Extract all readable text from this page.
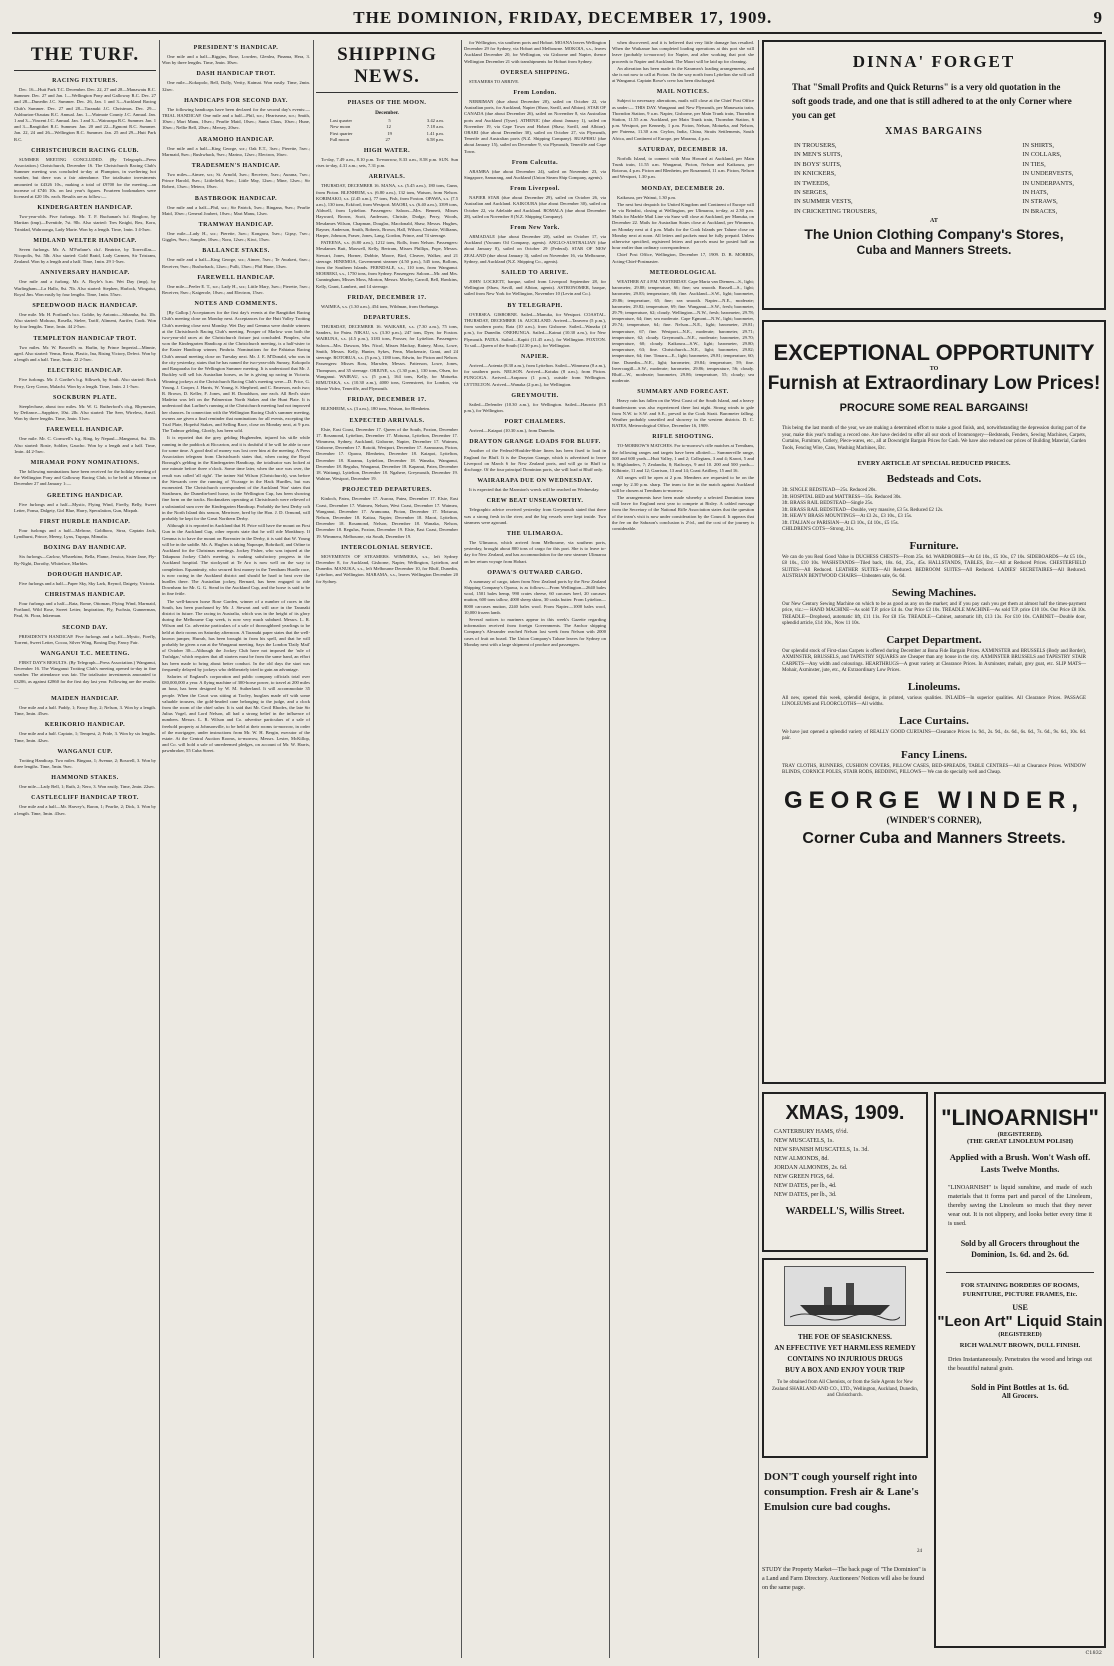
THE DOMINION, FRIDAY, DECEMBER 17, 1909.	9
THE TURF.
RACING FIXTURES.

Dec. 16—Hutt Park T.C. December. Dec. 22, 27 and 28—Manawatu R.C. Summer. Dec. 27 and Jan. 1—Wellington Pony and Galloway R.C. Dec. 27 and 28—Dunedin J.C. Summer. Dec. 26, Jan. 1 and 3—Auckland Racing Club's Summer. Dec. 27 and 28—Taranaki J.C. Christmas. Dec. 29—Ashburton-Otautau R.C. Annual. Jan. 1—Waimate County J.C. Annual. Jan. 1 and 3—Vincent J.C. Annual. Jan. 1 and 3—Wairarapa R.C. Summer. Jan. 1 and 3—Rangitikei R.C. Summer. Jan. 20 and 22—Egmont R.C. Summer. Jan. 22, 24 and 26—Wellington R.C. Summer. Jan. 25 and 29—Hutt Park R.C.

CHRISTCHURCH RACING CLUB.

SUMMER MEETING CONCLUDED. (By Telegraph—Press Association.) Christchurch, December 16. The Christchurch Racing Club's Summer meeting was concluded to-day at Plumpton, in sweltering hot weather, but there was a fair attendance. The totalisator investments amounted to £4326 10s., making a total of £9700 for the meeting—an increase of £746 10s. on last year's figures. Fourteen bookmakers were licensed at £20 10s. each. Results are as follow:—

KINDERGARTEN HANDICAP.

Two-year-olds. Five furlongs. Mr. T. F. Buchanan's b.f. Ringlow, by Martian (imp)—Eventide, 7st. 9lb. Also started: Tres Knight, Rex, Kora, Trinidad, Wahroonga, Lady Marie. Won by a length. Time, 1min. 3 4-5sec.

MIDLAND WELTER HANDICAP.

Seven furlongs. Mr. A. M'Farlane's ch.f. Beatrice, by Torrecillas—Nicopolis, 9st. 5lb. Also started: Gold Braid, Lady Carmen, Sir Tristram, Zealand. Won by a length and a half. Time, 1min. 29 1-5sec.

ANNIVERSARY HANDICAP.

One mile and a furlong. Mr. A. Boyle's b.m. Wet Day (imp), by Warlingham—La Hallo, 8st. 7lb. Also started: Stephen, Harlock, Wingatui, Royal Jim. Won easily by four lengths. Time, 1min. 55sec.

SPEEDWOOD HACK HANDICAP.

One mile. Mr. H. Portland's br.c. Goldie, by Antonio—Sibamba, 8st. 1lb. Also started: Mohoao, Rosella, Stelee, Tariff, Aliment, Aurifer, Cook. Won by four lengths. Time, 1min. 44 2-5sec.

TEMPLETON HANDICAP TROT.

Two miles. Mr. W. Boswell's m. Harlin, by Prince Imperial—Minnie, aged. Also started: Venus, Recta, Plastic, Ina, Rising Victory, Defect. Won by a length and a half. Time, 5min. 22 2-5sec.

ELECTRIC HANDICAP.

Five furlongs. Mr. J. Gorthe's b.g. Silkweb, by Soult. Also started: Rock Ferry, Grey Gown, Malachi. Won by a length. Time, 1min. 2 1-5sec.

SOCKBURN PLATE.

Steeplechase, about two miles. Mr. W. G. Rutherford's ch.g. Rhymester, by Defiance—Sapphire, 10st. 2lb. Also started: The Seer, Wireless, Anvil. Won by three lengths. Time, 3min. 51sec.

FAREWELL HANDICAP.

One mile. Mr. C. Cornwell's b.g. Ring, by Nepaul—Mangonui, 8st. 1lb. Also started: Rosie, Soldier, Gaucho. Won by a length and a half. Time, 1min. 44 2-5sec.

MIRAMAR PONY NOMINATIONS.

The following nominations have been received for the holiday meeting of the Wellington Pony and Galloway Racing Club, to be held at Miramar on December 27 and January 1:—

GREETING HANDICAP.

Five furlongs and a half—Mystic, Flying Wind, Firefly, Belly, Sweet Letter, Fonsa, Dalgety, Girl Blue, Harry, Speculation, Gun, Mizpah.

FIRST HURDLE HANDICAP.

Four furlongs and a half—Melrose, Goldboro, Sirra, Captain Jack, Lyndhurst, Prince, Meeny, Lynx, Tupapa, Mimalia.

BOXING DAY HANDICAP.

Six furlongs—Carlow, Wharekino, Bella, Flame, Jessica, Sister Jane, Fly-By-Night, Dorothy, Whiteface, Marbles.

DOROUGH HANDICAP.

Five furlongs and a half—Paper Sky, Sky Lark, Reynol, Daigety, Victoria.

CHRISTMAS HANDICAP.

Four furlongs and a half—Rata, Rome, Ottoman, Flying Wind, Marmaid, Portland, Wild Rose, Sweet Letter, Inspiration, Fly, Fuchsia, Gunnerman, Paul, St. Flora, Inkerman.

SECOND DAY.

PRESIDENT'S HANDICAP. Five furlongs and a half—Mystic, Firefly, Torrent, Sweet Letter, Cocoa, Silver Wing, Boxing Day, Fancy Fair.

WANGANUI T.C. MEETING.

FIRST DAY'S RESULTS. (By Telegraph—Press Association.) Wanganui, December 16. The Wanganui Trotting Club's meeting opened to-day in fine weather. The attendance was fair. The totalisator investments amounted to £3206, as against £2860 for the first day last year. Following are the results:—

MAIDEN HANDICAP.

One mile and a half. Paddy, 1; Fancy Boy, 2; Nelson, 3. Won by a length. Time, 3min. 45sec.

KERIKORIO HANDICAP.

One mile and a half. Captain, 1; Tempest, 2; Pride, 3. Won by six lengths. Time, 3min. 42sec.

WANGANUI CUP.

Trotting Handicap. Two miles. Bingara, 1; Avenue, 2; Boswell, 3. Won by three lengths. Time, 5min. 9sec.

HAMMOND STAKES.

One mile—Lady Bell, 1; Ruth, 2; Nero, 3. Won easily. Time, 2min. 22sec.

CASTLECLIFF HANDICAP TROT.

One mile and a half—Mr. Harvey's, Baron, 1; Pearlie, 2; Dick, 3. Won by a length. Time, 3min. 43sec.

PRESIDENT'S HANDICAP.

One mile and a half—Riggins, Rose, Lowden, Glenlea, Pinama, Hera, 3. Won by three lengths. Time, 3min. 30sec.

DASH HANDICAP TROT.

One mile—Kokopolo, Bell, Dolly, Verity, Kaimai. Won easily. Time, 2min. 32sec.

HANDICAPS FOR SECOND DAY.

The following handicaps have been declared for the second day's events:— TRIAL HANDICAP. One mile and a half—Phil, scr.; Heartsease, scr.; Smith, 10sec.; Mari Manu, 10sec.; Pearlie Maid, 10sec.; Santa Claus, 10sec.; Hune, 10sec.; Nellie Bell, 20sec.; Mersey, 20sec.

ARAMOHO HANDICAP.

One mile and a half—King George, scr.; Oak E.T., 3sec.; Pierette, 5sec.; Marmaid, 8sec.; Bushwhack, 9sec.; Marino, 12sec.; Electron, 16sec.

TRADESMEN'S HANDICAP.

Two miles—Aimee, scr.; St. Arnold, 3sec.; Receiver, 5sec.; Aurana, 7sec.; Prince Harold, 8sec.; Littlefield, 9sec.; Little May, 12sec.; Mine, 12sec.; Sir Robert, 13sec.; Meteor, 18sec.

BASTBROOK HANDICAP.

One mile and a half—Phil, scr.; Sir Patrick, 5sec.; Bingana, 9sec.; Pearlie Maid, 10sec.; General Joubert, 10sec.; Mari Manu, 12sec.

TRAMWAY HANDICAP.

One mile—Lady H., scr.; Pierette, 3sec.; Kongava, 5sec.; Gipsy, 7sec.; Giggles, 9sec.; Sampler, 10sec.; Nora, 12sec.; Kiwi, 15sec.

BALLANCE STAKES.

One mile and a half—King George, scr.; Aimee, 5sec.; Te Awakeri, 6sec.; Receiver, 9sec.; Bushwhack, 12sec.; Pulli, 13sec.; Phil Hune, 13sec.

FAREWELL HANDICAP.

One mile—Peeler E. T., scr.; Lady H., scr.; Little Mary, 3sec.; Pierette, 5sec.; Receiver, 8sec.; Kaigerole, 10sec.; and Electron, 15sec.

NOTES AND COMMENTS.

[By Gallop.] Acceptances for the first day's events at the Rangitikei Racing Club's meeting close on Monday next. Acceptances for the Hutt Valley Trotting Club's meeting close next Monday. Wet Day and Gemma were double winners at the Christchurch Racing Club's meeting. Prosper of Marlow won both the two-year-old races at the Christchurch fixture just concluded. Pimplex, who won the Kindergarten Handicap at the Christchurch meeting, is a half-sister to the Easter Handicap winner, Fimbria. Nominations for the Pahiatua Racing Club's annual meeting close on Tuesday next. Mr. J. E. M'Donald, who was in the city yesterday, states that he has named the two-year-olds Sunray, Kokopolo and Rauparaha for the Wellington Summer meeting. It is understood that Mr. J. Buckley will sell his Australian horses, as he is giving up racing in Victoria. Winning jockeys at the Christchurch Racing Club's meeting were—D. Price, G. Young, J. Cooper, J. Harris, W. Young, S. Shepherd, and C. Emerson, each two; R. Brown, D. Keller, F. Jones, and H. Donaldson, one each. All Red's sister Madeira was left on the Palmerston North Stakes and the Hunt Plate. It is understood that Lurline's running at the Christchurch meeting had not improved her chances. In connection with the Wellington Racing Club's summer meeting, owners are given a final reminder that nominations for all events, excepting the Trial Plate, Hopeful Stakes, and Selling Race, close on Monday next, at 9 p.m. The Tadmor gelding, Glorify, has been sold.

It is reported that the grey gelding Hughenden, injured his stifle while running in the paddock at Riccarton, and it is doubtful if he will be able to race for some time. A good deal of money was lost over him at the meeting. A Press Association telegram from Christchurch states that, when racing the Royal Borough's gelding in the Kindergarten Handicap, the totalisator was locked at one minute before three o'clock. Some time later, when the race was over, the result was called 'all right'. The trainer Sid Wilson (Christchurch), was before the Stewards over the running of Vicarage in the Hack Hurdles, but was exonerated. The Christchurch correspondent of the Auckland 'Star' states that Strathearn, the Dunedin-bred horse, in the Wellington Cup, has been showing fine form on the tracks. Bookmakers operating at Christchurch were relieved of a substantial sum over the Kindergarten Handicap. Probably the best Derby colt in the North Island this season, Merriwee, bred by the Hon. J. D. Ormond, will probably be kept for the Great Northern Derby.

Although it is reported in Auckland that H. Price will have the mount on First Gun in the Auckland Cup, other reports state that he will ride Monkbury. If Gemma is to have the mount on Boreaster in the Derby, it is said that W. Young will be in the saddle. Mr. A. Hughes is taking Napoupe, Bobrikoff, and Orline to Auckland for the Christmas meetings. Jockey Fisher, who was injured at the Takapuna Jockey Club's meeting, is making satisfactory progress in the Auckland hospital. The stockyard at Te Aro is now well on the way to completion. Equanimity, who secured first money in the Trentham Hurdle race, is now racing in the Auckland district and should be hard to beat over the hurdles there. The Australian jockey, Bernard, has been engaged to ride Downham for Mr. G. G. Stead in the Auckland Cup, and the horse is said to be in fine fettle.

The well-known horse Rose Garden, winner of a number of races in the South, has been purchased by Mr. J. Stewart and will race in the Taranaki district in future. The racing in Australia, which was in the height of its glory during the Melbourne Cup week, is now very much subdued. Messrs. L. R. Wilson and Co. advertise particulars of a sale of thoroughbred yearlings to be held at their rooms on Saturday afternoon. A Taranaki paper states that the well-known jumper, Hurrah, has been brought in from his spell, and that he will probably be given a run at the Wanganui meeting. Says the London 'Daily Mail' of October 30:—Although the Jockey Club have not imposed the 'rule of Trafalgar,' which requires that all starters must be from the same hand, an effort has been made to bring about better conduct. In the old days the start was frequently delayed by jockeys who deliberately tried to gain an advantage.

Salaries of England's corporation and public company officials total over £80,000,000 a year. A flying machine of 300-horse power, to travel at 200 miles an hour, has been designed by W. M. Sutherland. It will accommodate 35 people. When the Court was sitting at Tooley, burglars made off with some valuable trousers, the gold-headed cane belonging to the judge, and a clock from the room of the chief usher. It is said that Mr. Cecil Rhodes, the late Sir Julius Vogel, and Lord Nelson, all had a strong belief in the influence of numbers. Messrs. L. R. Wilson and Co. advertise particulars of a sale of freehold property at Johnsonville, to be held at their rooms to-morrow, in order of the mortgagee, under instructions from Mr. W. H. Bergin, executor of the estate. At the Central Auction Rooms, to-morrow, Messrs. Lester, McKillop, and Co. will hold a sale of unredeemed pledges, on account of Mr. W. Harris, pawnbroker, 55 Cuba Street.

SHIPPING NEWS.
PHASES OF THE MOON.
December.
Last quarter	5	3.42 a.m.
New moon	12	7.18 a.m.
First quarter	19	1.41 p.m.
Full moon	27	6.58 p.m.
HIGH WATER.

To-day, 7.49 a.m., 8.10 p.m. To-morrow, 8.33 a.m., 8.58 p.m. SUN. Sun rises to-day, 4.31 a.m.; sets, 7.31 p.m.

ARRIVALS.

THURSDAY, DECEMBER 16. MANA, s.s. (5.45 a.m.), 180 tons, Gunn, from Picton. BLENHEIM, s.s. (6.80 a.m.), 132 tons, Watson, from Nelson. KORIMAKO, s.s. (2.45 a.m.), 77 tons, Fish, from Foxton. OPAWA, s.s. (7.5 a.m.), 130 tons, Eckford, from Westport. MAORI, s.s. (6.40 a.m.), 3399 tons, Aldwell, from Lyttelton. Passengers: Saloon—Mrs. Bennett, Misses Hayward, Brown, Scott, Anderson, Christie, Dodge, Perry, Woods, Mesdames Wilson, Chapman, Douglas, Macdonald, Shaw, Messrs. Hughes, Rayner, Anderson, Smith, Roberts, Brown, Hall, Wilson, Christie, Williams, Harper, Johnson, Fraser, Jones, Lang, Gordon, Prince, and 74 steerage.

PATEENA, s.s. (6.80 a.m.), 1212 tons, Rolls, from Nelson. Passengers: Mesdames Butt, Maxwell, Kelly, Bertram, Misses Phillips, Pope, Messrs. Stewart, Jones, Horner, Dobbie, Moore, Bird, Cleaver, Walker, and 21 steerage. HINEMOA, Government steamer (4.50 p.m.), 545 tons, Bollons, from the Southern Islands. FERNDALE, s.s., 110 tons, from Wanganui. MOEREKI, s.s., 1750 tons, from Sydney. Passengers: Saloon—Mr. and Mrs. Cunningham, Misses Moss, Morton, Messrs. Morley, Carroll, Bell, Hawkins, Kelly, Grant, Lambert, and 14 steerage.

FRIDAY, DECEMBER 17.

WAIMEA, s.s. (1.30 a.m.), 454 tons, Wildman, from Onehunga.

DEPARTURES.

THURSDAY, DECEMBER 16. WAIKARE, s.s. (7.30 a.m.), 75 tons, Sanders, for Patea. NIKAU, s.s. (3.30 p.m.), 247 tons, Dyer, for Foxton. WAIRUNA, s.s. (4.5 p.m.), 3183 tons, Prosser, for Lyttelton. Passengers: Saloon—Mrs. Dawson, Mrs. Nicol, Misses Mackay, Rainey, Moss, Lowe, Smith, Messrs. Kelly, Hunter, Sykes, Fenn, Mackenzie, Grant, and 24 steerage. ROTORUA, s.s. (5 p.m.), 1180 tons, Edwin, for Picton and Nelson. Passengers: Misses Ross, Marsden, Messrs. Patterson, Lowe, Jones, Thompson, and 35 steerage. ORIUNE, s.s. (1.30 p.m.), 130 tons, Olsen, for Wanganui. WAIRAU, s.s. (5 p.m.), 164 tons, Kelly, for Motueka. RIMUTAKA, s.s. (10.30 a.m.), 4000 tons, Greenstreet, for London, via Monte Video, Teneriffe, and Plymouth.

FRIDAY, DECEMBER 17.

BLENHEIM, s.s. (3 a.m.), 180 tons, Watson, for Blenheim.

EXPECTED ARRIVALS.

Elsie, East Coast, December 17. Queen of the South, Foxton, December 17. Rosamond, Lyttelton, December 17. Moturua, Lyttelton, December 17. Wimmera, Sydney, Auckland, Gisborne, Napier, December 17. Waimea, Gisborne, December 17. Rotoiti, Westport, December 17. Aramoana, Picton, December 17. Opawa, Blenheim, December 18. Kaiapoi, Lyttelton, December 18. Karamu, Lyttelton, December 18. Wanaka, Wanganui, December 18. Regulus, Wanganui, December 18. Kapanui, Patea, December 18. Waitangi, Lyttelton, December 18. Ngahere, Greymouth, December 19. Wahine, Westport, December 19.

PROJECTED DEPARTURES.

Kinloch, Patea, December 17. Aurora, Patea, December 17. Elsie, East Coast, December 17. Waimea, Nelson, West Coast, December 17. Waimea, Wanganui, December 17. Aramoana, Picton, December 17. Moturua, Nelson, December 18. Kaitoa, Napier, December 18. Maori, Lyttelton, December 18. Rosamond, Nelson, December 18. Wanaka, Nelson, December 18. Regulus, Foxton, December 19. Elsie, East Coast, December 19. Wimmera, Melbourne, via South, December 19.

INTERCOLONIAL SERVICE.

MOVEMENTS OF STEAMERS. WIMMERA, s.s., left Sydney December 8, for Auckland, Gisborne, Napier, Wellington, Lyttelton, and Dunedin. MANUKA, s.s., left Melbourne December 10, for Bluff, Dunedin, Lyttelton, and Wellington. MARAMA, s.s., leaves Wellington December 20 for Sydney.

for Wellington, via southern ports and Hobart. MOANA leaves Wellington December 29 for Sydney, via Hobart and Melbourne. MOKOIA, s.s., leaves Auckland December 20, for Wellington, via Gisborne and Napier, thence Wellington December 21 with transhipments for Hobart from Sydney.

OVERSEA SHIPPING.

STEAMERS TO ARRIVE.

From London.

NERRIMAN (due about December 20), sailed on October 22, via Australian ports, for Auckland, Napier (Shaw, Savill, and Albion). STAR OF CANADA (due about December 26), sailed on November 8, via Australian ports and Auckland (Tyser). ATHENIC (due about January 1), sailed on November 19, via Cape Town and Hobart (Shaw, Savill, and Albion). ORARI (due about December 30), sailed on October 27, via Plymouth, Tenerife and Australian ports (N.Z. Shipping Company). RUAPEHU (due about January 15), sailed on December 9, via Plymouth, Teneriffe and Cape Town.

From Calcutta.

ARAMBA (due about December 24), sailed on November 23, via Singapore, Samarang, and Auckland (Union Steam Ship Company, agents).

From Liverpool.

NAPIER STAR (due about December 29), sailed on October 26, via Australian and Auckland. KAIKOURA (due about December 30), sailed on October 22, via Adelaide and Auckland. ROMALA (due about December 28), sailed on November 8 (N.Z. Shipping Company).

From New York.

ARMADALE (due about December 20), sailed on October 17, via Auckland (Vacuum Oil Company, agents). ANGLO-AUSTRALIAN (due about January 8), sailed on October 29 (Federal). STAR OF NEW ZEALAND (due about January 3), sailed on November 16, via Melbourne, Sydney, and Auckland (N.Z. Shipping Co., agents).

SAILED TO ARRIVE.

JOHN LOCKETT, barque, sailed from Liverpool September 28, for Wellington (Shaw, Savill, and Albion, agents). ASTRONOMER, barque, sailed from New York for Wellington, November 10 (Levin and Co.).

BY TELEGRAPH.

OVERSEA. GISBORNE. Sailed—Manuka, for Westport. COASTAL. THURSDAY, DECEMBER 16. AUCKLAND. Arrived—Taravera (5 p.m.), from southern ports; Rata (10 a.m.), from Gisborne. Sailed—Wanaka (4 p.m.), for Dunedin. ONEHUNGA. Sailed—Kainui (10.30 a.m.), for New Plymouth. PATEA. Sailed—Kapiti (11.45 a.m.), for Wellington. FOXTON. To sail—Queen of the South (12.30 p.m.), for Wellington.

NAPIER.

Arrived—Aotenia (8.30 a.m.), from Lyttelton. Sailed—Wimmera (8 a.m.), for southern ports. NELSON. Arrived—Kotuku (8 a.m.), from Picton. PUNGOGA. Arrived—Arapawa (1 p.m.), outside from Wellington. LYTTELTON. Arrived—Wanaka (2 p.m.), for Wellington.

GREYMOUTH.

Sailed—Defender (10.30 a.m.), for Wellington. Sailed—Hauroto (8.5 p.m.), for Wellington.

PORT CHALMERS.

Arrived—Kaiapoi (10.30 a.m.), from Dunedin.

DRAYTON GRANGE LOADS FOR BLUFF.

Another of the Federal-Houlder-Shire liners has been fixed to load in England for Bluff. It is the Drayton Grange, which is advertised to leave Liverpool on March 6 for New Zealand ports, and will go to Bluff to discharge. Of the four principal Dominion ports, she will load at Bluff only.

WAIRARAPA DUE ON WEDNESDAY.

It is expected that the Marmion's wreck will be reached on Wednesday.

CREW BEAT UNSEAWORTHY.

Telegraphic advice received yesterday from Greymouth stated that there was a strong fresh in the river, and the big vessels were kept inside. Two steamers were aground.

THE ULIMAROA.

The Ulimaroa, which arrived from Melbourne, via southern ports, yesterday, brought about 800 tons of cargo for this port. She is to leave to-day for New Zealand, and has accommodation for the new steamer Ulimaroa on her return voyage from Hobart.

OPAWA'S OUTWARD CARGO.

A summary of cargo, taken from New Zealand ports by the New Zealand Shipping Company's Opawa, is as follows:—From Wellington—2640 bales wool, 1501 bales hemp, 990 crates cheese, 60 carcases beef, 20 carcases mutton, 600 tons tallow, 4000 sheep skins, 30 casks butter. From Lyttelton—8000 carcases mutton, 2240 bales wool. From Napier—1000 bales wool, 10,000 frozen lamb.

Several notices to mariners appear in this week's Gazette regarding information received from foreign Governments. The Anchor shipping Company's Alexander reached Nelson last week from Nelson with 2000 cases of fruit on board. The Union Company's Talune leaves for Sydney on Monday next with a large shipment of produce and passengers.

when discovered, and it is believed that very little damage has resulted. When the Waikanae has completed loading operations at this port she will leave (probably to-morrow) for Napier, and after working that port she proceeds to Napier and Auckland. The Maori will be laid up for cleaning.

An alteration has been made in the Karamea's loading arrangements, and she is not now to call at Picton. On the way north from Lyttelton she will call at Wanganui. Captain Rowe's crew has been discharged.

MAIL NOTICES.

Subject to necessary alterations, mails will close at the Chief Post Office as under:— THIS DAY. Wanganui and New Plymouth, per Manawatu train, Thorndon Station, 9 a.m. Napier, Gisborne, per Main Trunk train, Thorndon Station, 11.55 a.m. Auckland, per Main Trunk train, Thorndon Station, 6 p.m. Westport, per Kennedy, 1 p.m. Picton, Nelson, Motueka, and Nelson, per Pateena, 11.30 a.m. Ceylon, India, China, Straits Settlements, South Africa, and Continent of Europe, per Marama, 4 p.m.

SATURDAY, DECEMBER 18.

Norfolk Island, to connect with Moa Howard at Auckland, per Main Trunk train, 11.55 a.m. Wanganui, Picton, Nelson and Kaikoura, per Rotorua, 4 p.m. Picton and Blenheim, per Rosamond, 11 a.m. Picton, Nelson and Westport, 1.30 p.m.

MONDAY, DECEMBER 20.

Kaikoura, per Wainui, 1.30 p.m.

The next best despatch for United Kingdom and Continent of Europe will be via Brindisi, closing at Wellington, per Ulimaroa, to-day, at 2.30 p.m. Mails for Marble Mail Line via Suez will close at Auckland, per Manuka, on December 22. Mails for Australian States close at Auckland, per Wimmera, on Monday next at 4 p.m. Mails for the Cook Islands per Talune close on Monday next at noon. All letters and packets must be fully prepaid. Unless otherwise specified, registered letters and parcels must be posted half an hour earlier than ordinary correspondence.

Chief Post Office, Wellington, December 17, 1909. D. B. MORRIS, Acting-Chief-Postmaster.

METEOROLOGICAL

WEATHER AT 4 P.M. YESTERDAY. Cape Maria van Diemen—S., light; barometer, 29.88; temperature, 66; fine; sea smooth. Russell—S., light; barometer, 29.83; temperature, 68; fine. Auckland—S.W., light; barometer, 29.86; temperature, 65; fine; sea smooth. Napier—N.E., moderate; barometer, 29.82; temperature, 69; fine. Wanganui—S.W., fresh; barometer, 29.79; temperature, 62; cloudy. Wellington—N.W., fresh; barometer, 29.78; temperature, 64; fine; sea moderate. Cape Egmont—N.W., light; barometer, 29.74; temperature, 64; fine. Nelson—N.E., light; barometer, 29.81; temperature, 67; fine. Westport—N.E., moderate; barometer, 29.71; temperature, 62; cloudy. Greymouth—N.E., moderate; barometer, 29.70; temperature, 60; cloudy. Kaikoura—S.W., light; barometer, 29.80; temperature, 63; fine. Christchurch—N.E., light; barometer, 29.82; temperature, 64; fine. Timaru—E., light; barometer, 29.81; temperature, 60; fine. Dunedin—N.E., light; barometer, 29.84; temperature, 59; fine. Invercargill—S.W., moderate; barometer, 29.86; temperature, 56; cloudy. Bluff—W., moderate; barometer, 29.86; temperature, 55; cloudy; sea moderate.

SUMMARY AND FORECAST.

Heavy rain has fallen on the West Coast of the South Island, and a heavy thunderstorm was also experienced there last night. Strong winds to gale from N.W. to S.W. and S.E., prevail in the Cook Strait. Barometer falling. Weather probably unsettled and showery in the western districts. D. C. BATES, Meteorological Office, December 16, 1909.

RIFLE SHOOTING.

TO-MORROW'S MATCHES. For to-morrow's rifle matches at Trentham, the following ranges and targets have been allotted:— Summerville range, 500 and 600 yards—Hutt Valley, 1 and 2; Collegians, 3 and 4; Karori, 5 and 6; Highlanders, 7; Zealandia, 8; Railways, 9 and 10. 200 and 500 yards—Kilbirnie, 11 and 12; Garrison, 13 and 14; Coast Artillery, 15 and 16.

All ranges will be open at 2 p.m. Members are requested to be on the range by 2.30 p.m. sharp. The team to fire in the match against Auckland will be chosen at Trentham to-morrow.

The arrangements have been made whereby a selected Dominion team will leave for England next year to compete at Bisley. A cabled message from the Secretary of the National Rifle Association states that the question of the team's visit is now under consideration by the Council. It appears that the fee on the Sabraon's conclusion is 2½d., and the cost of the journey is considerable.

DINNA' FORGET
That "Small Profits and Quick Returns" is a very old quotation in the soft goods trade, and one that is still adhered to at the only Corner where you can get
XMAS BARGAINS
IN TROUSERS,
IN MEN'S SUITS,
IN BOYS' SUITS,
IN KNICKERS,
IN TWEEDS,
IN SERGES,
IN SUMMER VESTS,
IN CRICKETING TROUSERS,
IN SHIRTS,
IN COLLARS,
IN TIES,
IN UNDERVESTS,
IN UNDERPANTS,
IN HATS,
IN STRAWS,
IN BRACES,
AT
The Union Clothing Company's Stores,
Cuba and Manners Streets.
EXCEPTIONAL OPPORTUNITY
TO
Furnish at Extraordinary Low Prices!
PROCURE SOME REAL BARGAINS!
This being the last month of the year, we are making a determined effort to make a good finish, and, notwithstanding the depression during part of the year, make this year's trading a record one. Are have decided to offer all our stock of Ironmongery—Bedsteads, Fenders, Sewing Machines, Carpets, Curtains, Furniture, Cutlery, Piece-wares, etc., all at Downright Bargain Prices for Cash. We have also reduced our prices of Building Material, Garden Tools, Fencing Wire, Cans, Washing Machines, Etc.
EVERY ARTICLE AT SPECIAL REDUCED PRICES.
Bedsteads and Cots.
3ft. SINGLE BEDSTEAD—25s. Reduced 20s.
3ft. HOSPITAL BED and MATTRESS—35s. Reduced 30s.
3ft. BRASS RAIL BEDSTEAD—Single 25s.
3ft. BRASS RAIL BEDSTEAD—Double, very massive, £3 5s. Reduced £2 12s.
3ft. HEAVY BRASS MOUNTINGS—At £3 2s., £3 10s., £3 15s.
3ft. ITALIAN or PARISIAN—At £3 10s., £4 10s., £5 15s.
CHILDREN'S COTS—Strong, 21s.
Furniture.
We can do you Real Good Value in DUCHESS CHESTS—From 25s. 6d. WARDROBES—At £4 10s., £5 10s., £7 10s. SIDEBOARDS—At £5 10s., £8 10s., £10 10s. WASHSTANDS—Tiled back, 18s. 6d., 25s., 45s. HALLSTANDS, TABLES, Etc.—All at Reduced Prices. CHESTERFIELD SUITES—All Reduced. LEATHER SUITES—All Reduced. BEDROOM SUITES—All Reduced. LADIES' SECRETAIRES—All Reduced. AUSTRIAN BENTWOOD CHAIRS—Unbeaten sale, 6s. 6d.
Sewing Machines.
Our New Century Sewing Machine on which to be as good as any on the market; and if you pay cash you get them at almost half the times-payment price, viz.:— HAND MACHINE—As sold T.P. price £4 4s. Our Price £3 10s. TREADLE MACHINE—As sold T.P. price £10 10s. Our Price £8 10s. TREADLE—Dropheud, automatic lift, £11 11s. For £8 15s. TREADLE—Cabinet, automatic lift, £13 13s. For £10 10s. CABINET—Double door, splendid article, £14 10s., Now 11 10s.
Carpet Department.
Our splendid stock of First-class Carpets is offered during December at Bona Fide Bargain Prices. AXMINSTER and BRUSSELS (Body and Border), AXMINSTER, BRUSSELS, and TAPESTRY SQUARES are Cheaper than any house in the city. AXMINSTER BRUSSELS and TAPESTRY STAIR CARPETS—Any width and colourings. HEARTHRUGS—A great variety at Clearance Prices. In Axminster, mohair, grey goat, etc. SLIP MATS—Mohair, Axminster, jute, etc., At Extraordinary Low Prices.
Linoleums.
All new, opened this week, splendid designs, in printed, various qualities. INLAIDS—In superior qualities. All Clearance Prices. PASSAGE LINOLEUMS and FLOORCLOTHS—All widths.
Lace Curtains.
We have just opened a splendid variety of REALLY GOOD CURTAINS—Clearance Prices 1s. 9d., 2s. 9d., 4s. 6d., 6s. 6d., 7s. 6d., 9s. 6d., 10s. 6d. pair.
Fancy Linens.
TRAY CLOTHS, RUNNERS, CUSHION COVERS, PILLOW CASES, BED-SPREADS, TABLE CENTRES—All at Clearance Prices. WINDOW BLINDS, CORNICE POLES, STAIR RODS, BEDDING, PILLOWS— We can do specially well and Cheap.
GEORGE WINDER,
(WINDER'S CORNER),
Corner Cuba and Manners Streets.
XMAS, 1909.
CANTERBURY HAMS, 6½d.
NEW MUSCATELS, 1s.
NEW SPANISH MUSCATELS, 1s. 3d.
NEW ALMONDS, 8d.
JORDAN ALMONDS, 2s. 6d.
NEW GREEN FIGS, 6d.
NEW DATES, per lb., 4d.
NEW DATES, per lb., 3d.
WARDELL'S, Willis Street.
THE FOE OF SEASICKNESS.
AN EFFECTIVE YET HARMLESS REMEDY
CONTAINS NO INJURIOUS DRUGS
BUY A BOX AND ENJOY YOUR TRIP
To be obtained from All Chemists, or from the Sole Agents for New Zealand SHARLAND AND CO., LTD., Wellington, Auckland, Dunedin, and Christchurch.
DON'T cough yourself right into consumption. Fresh air & Lane's Emulsion cure bad coughs.
24
STUDY the Property Market—The back page of "The Dominion" is a Land and Farm Directory. Auctioneers' Notices will also be found on the same page.
"LINOARNISH"
(REGISTERED).
(THE GREAT LINOLEUM POLISH)
Applied with a Brush. Won't Wash off.
Lasts Twelve Months.
"LINOARNISH" is liquid sunshine, and made of such materials that it forms part and parcel of the Linoleum, thereby saving the Linoleum so much that they never wear out. It is not slippery, and looks better every time it is used.
Sold by all Grocers throughout the Dominion, 1s. 6d. and 2s. 6d.
FOR STAINING BORDERS OF ROOMS, FURNITURE, PICTURE FRAMES, Etc.
USE
"Leon Art" Liquid Stain
(REGISTERED)
RICH WALNUT BROWN, DULL FINISH.
Dries Instantaneously. Penetrates the wood and brings out the beautiful natural grain.
Sold in Pint Bottles at 1s. 6d.
All Grocers.
C1832
